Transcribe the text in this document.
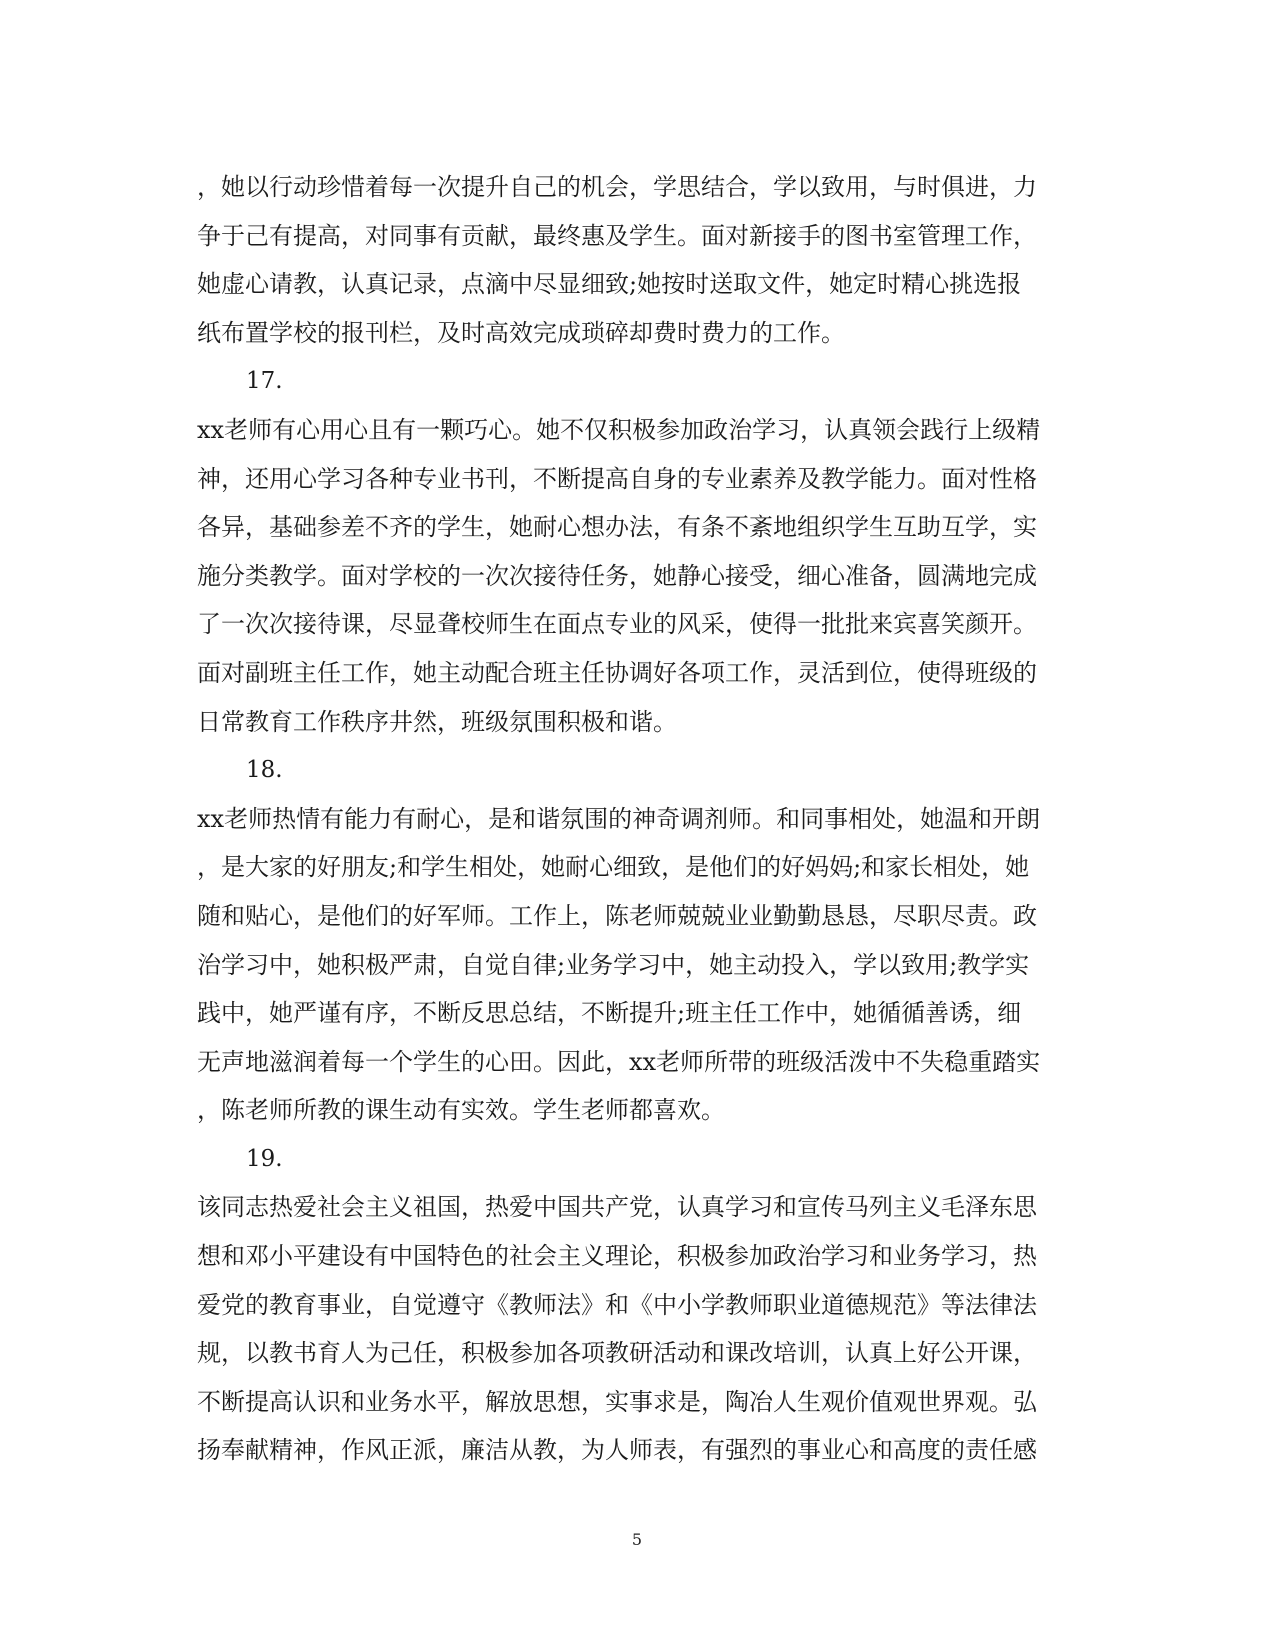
，她以行动珍惜着每一次提升自己的机会，学思结合，学以致用，与时俱进，力
争于己有提高，对同事有贡献，最终惠及学生。面对新接手的图书室管理工作，
她虚心请教，认真记录，点滴中尽显细致;她按时送取文件，她定时精心挑选报
纸布置学校的报刊栏，及时高效完成琐碎却费时费力的工作。
17.
xx老师有心用心且有一颗巧心。她不仅积极参加政治学习，认真领会践行上级精
神，还用心学习各种专业书刊，不断提高自身的专业素养及教学能力。面对性格
各异，基础参差不齐的学生，她耐心想办法，有条不紊地组织学生互助互学，实
施分类教学。面对学校的一次次接待任务，她静心接受，细心准备，圆满地完成
了一次次接待课，尽显聋校师生在面点专业的风采，使得一批批来宾喜笑颜开。
面对副班主任工作，她主动配合班主任协调好各项工作，灵活到位，使得班级的
日常教育工作秩序井然，班级氛围积极和谐。
18.
xx老师热情有能力有耐心，是和谐氛围的神奇调剂师。和同事相处，她温和开朗
，是大家的好朋友;和学生相处，她耐心细致，是他们的好妈妈;和家长相处，她
随和贴心，是他们的好军师。工作上，陈老师兢兢业业勤勤恳恳，尽职尽责。政
治学习中，她积极严肃，自觉自律;业务学习中，她主动投入，学以致用;教学实
践中，她严谨有序，不断反思总结，不断提升;班主任工作中，她循循善诱，细
无声地滋润着每一个学生的心田。因此，xx老师所带的班级活泼中不失稳重踏实
，陈老师所教的课生动有实效。学生老师都喜欢。
19.
该同志热爱社会主义祖国，热爱中国共产党，认真学习和宣传马列主义毛泽东思
想和邓小平建设有中国特色的社会主义理论，积极参加政治学习和业务学习，热
爱党的教育事业，自觉遵守《教师法》和《中小学教师职业道德规范》等法律法
规，以教书育人为己任，积极参加各项教研活动和课改培训，认真上好公开课，
不断提高认识和业务水平，解放思想，实事求是，陶冶人生观价值观世界观。弘
扬奉献精神，作风正派，廉洁从教，为人师表，有强烈的事业心和高度的责任感
5
